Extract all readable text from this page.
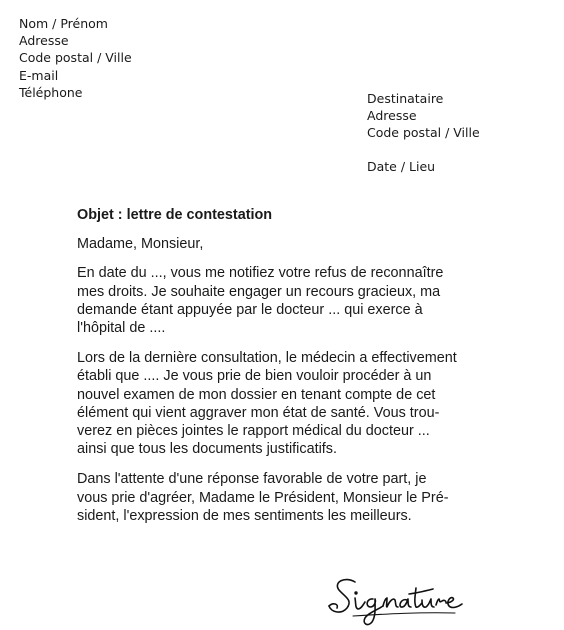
Nom / Prénom
Adresse
Code postal / Ville
E-mail
Téléphone	Destinataire
Adresse
Code postal / Ville
Date / Lieu
Objet : lettre de contestation
Madame, Monsieur,
En date du ..., vous me notifiez votre refus de reconnaître
mes droits. Je souhaite engager un recours gracieux, ma
demande étant appuyée par le docteur ... qui exerce à
l'hôpital de ....
Lors de la dernière consultation, le médecin a effectivement
établi que .... Je vous prie de bien vouloir procéder à un
nouvel examen de mon dossier en tenant compte de cet
élément qui vient aggraver mon état de santé. Vous trou-
verez en pièces jointes le rapport médical du docteur ...
ainsi que tous les documents justificatifs.
Dans l'attente d'une réponse favorable de votre part, je
vous prie d'agréer, Madame le Président, Monsieur le Pré-
sident, l'expression de mes sentiments les meilleurs.
